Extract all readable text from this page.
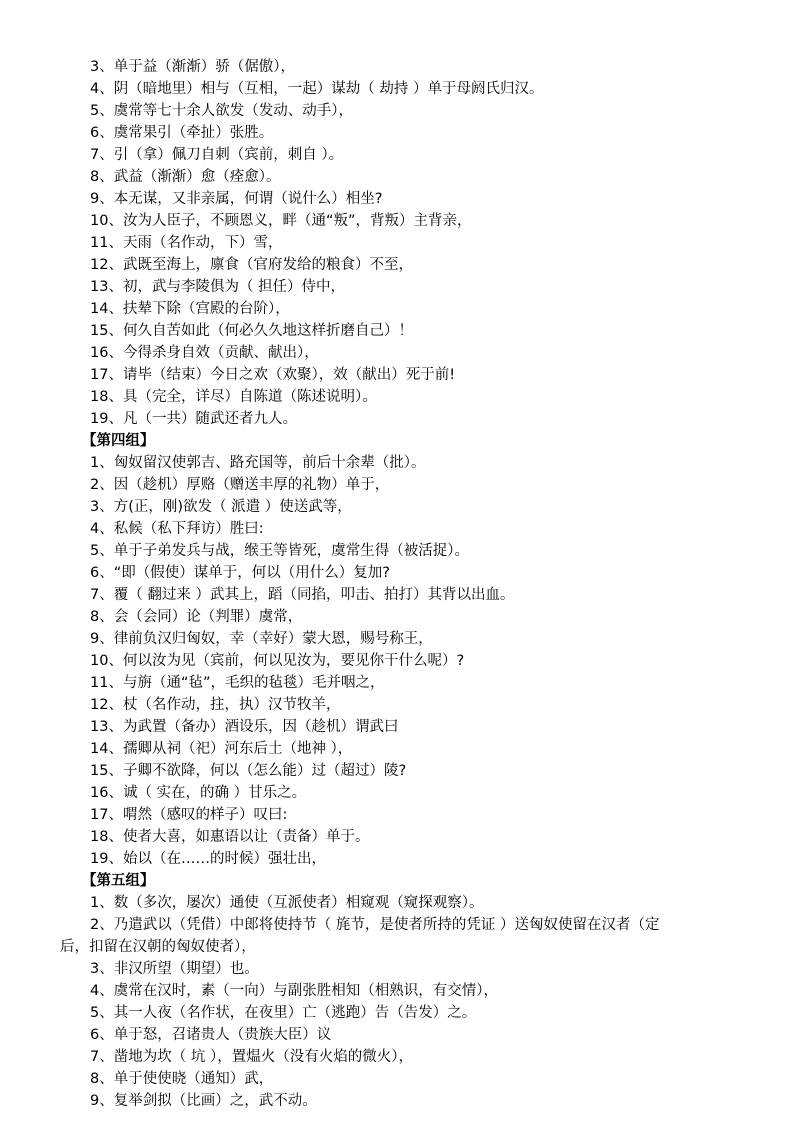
3、单于益（渐渐）骄（倨傲），
4、阴（暗地里）相与（互相，一起）谋劫（ 劫持 ）单于母阏氏归汉。
5、虞常等七十余人欲发（发动、动手），
6、虞常果引（牵扯）张胜。
7、引（拿）佩刀自刺（宾前，刺自 ）。
8、武益（渐渐）愈（痊愈）。
9、本无谋，又非亲属，何谓（说什么）相坐?
10、汝为人臣子，不顾恩义，畔（通“叛”，背叛）主背亲，
11、天雨（名作动，下）雪，
12、武既至海上，廪食（官府发给的粮食）不至，
13、初，武与李陵俱为（ 担任）侍中，
14、扶辇下除（宫殿的台阶），
15、何久自苦如此（何必久久地这样折磨自己）！
16、今得杀身自效（贡献、献出），
17、请毕（结束）今日之欢（欢聚），效（献出）死于前!
18、具（完全，详尽）自陈道（陈述说明）。
19、凡（一共）随武还者九人。
【第四组】
1、匈奴留汉使郭吉、路充国等，前后十余辈（批）。
2、因（趁机）厚赂（赠送丰厚的礼物）单于，
3、方(正，刚)欲发（ 派遣 ）使送武等，
4、私候（私下拜访）胜曰:
5、单于子弟发兵与战，缑王等皆死，虞常生得（被活捉）。
6、“即（假使）谋单于，何以（用什么）复加?
7、覆（ 翻过来 ）武其上，蹈（同掐，叩击、拍打）其背以出血。
8、会（会同）论（判罪）虞常，
9、律前负汉归匈奴，幸（幸好）蒙大恩，赐号称王，
10、何以汝为见（宾前，何以见汝为，要见你干什么呢）?
11、与旃（通“毡”，毛织的毡毯）毛并咽之，
12、杖（名作动，拄，执）汉节牧羊，
13、为武置（备办）酒设乐，因（趁机）谓武曰
14、孺卿从祠（祀）河东后土（地神 ），
15、子卿不欲降，何以（怎么能）过（超过）陵?
16、诚（ 实在，的确 ）甘乐之。
17、喟然（感叹的样子）叹曰:
18、使者大喜，如惠语以让（责备）单于。
19、始以（在……的时候）强壮出，
【第五组】
1、数（多次，屡次）通使（互派使者）相窥观（窥探观察）。
2、乃遣武以（凭借）中郎将使持节（ 旄节，是使者所持的凭证 ）送匈奴使留在汉者（定
后，扣留在汉朝的匈奴使者），
3、非汉所望（期望）也。
4、虞常在汉时，素（一向）与副张胜相知（相熟识，有交情），
5、其一人夜（名作状，在夜里）亡（逃跑）告（告发）之。
6、单于怒，召诸贵人（贵族大臣）议
7、凿地为坎（ 坑 ），置煴火（没有火焰的微火），
8、单于使使晓（通知）武，
9、复举剑拟（比画）之，武不动。
